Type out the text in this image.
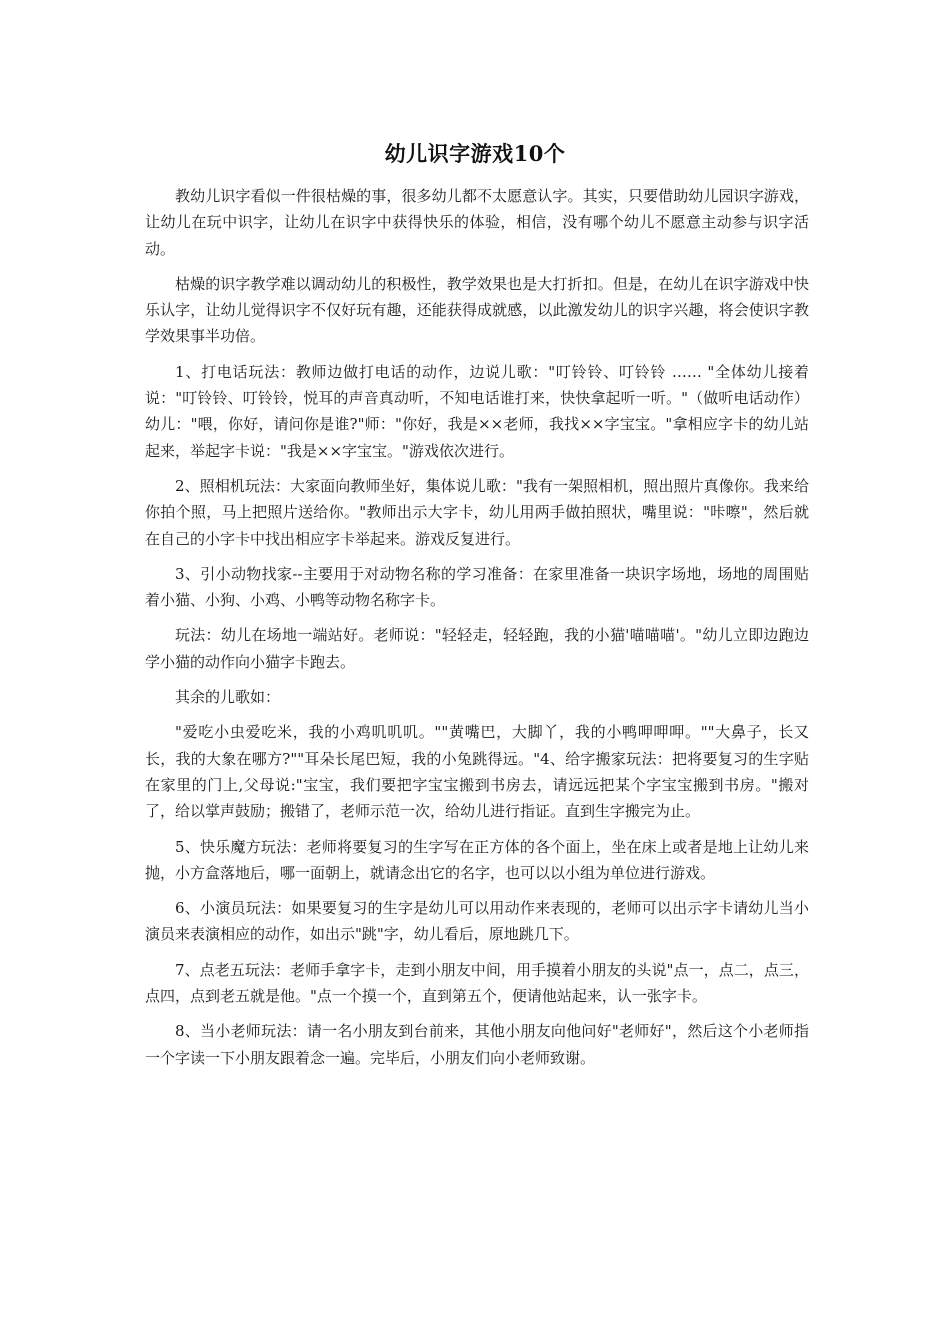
幼儿识字游戏10个

教幼儿识字看似一件很枯燥的事，很多幼儿都不太愿意认字。其实，只要借助幼儿园识字游戏，让幼儿在玩中识字，让幼儿在识字中获得快乐的体验，相信，没有哪个幼儿不愿意主动参与识字活动。

枯燥的识字教学难以调动幼儿的积极性，教学效果也是大打折扣。但是，在幼儿在识字游戏中快乐认字，让幼儿觉得识字不仅好玩有趣，还能获得成就感，以此激发幼儿的识字兴趣，将会使识字教学效果事半功倍。

1、打电话玩法：教师边做打电话的动作，边说儿歌："叮铃铃、叮铃铃 …… "全体幼儿接着说："叮铃铃、叮铃铃，悦耳的声音真动听，不知电话谁打来，快快拿起听一听。"（做听电话动作）幼儿："喂，你好，请问你是谁?"师："你好，我是××老师，我找××字宝宝。"拿相应字卡的幼儿站起来，举起字卡说："我是××字宝宝。"游戏依次进行。

2、照相机玩法：大家面向教师坐好，集体说儿歌："我有一架照相机，照出照片真像你。我来给你拍个照，马上把照片送给你。"教师出示大字卡，幼儿用两手做拍照状，嘴里说："咔嚓"，然后就在自己的小字卡中找出相应字卡举起来。游戏反复进行。

3、引小动物找家--主要用于对动物名称的学习准备：在家里准备一块识字场地，场地的周围贴着小猫、小狗、小鸡、小鸭等动物名称字卡。

玩法：幼儿在场地一端站好。老师说："轻轻走，轻轻跑，我的小猫'喵喵喵'。"幼儿立即边跑边学小猫的动作向小猫字卡跑去。

其余的儿歌如：

"爱吃小虫爱吃米，我的小鸡叽叽叽。""黄嘴巴，大脚丫，我的小鸭呷呷呷。""大鼻子，长又长，我的大象在哪方?""耳朵长尾巴短，我的小兔跳得远。"4、给字搬家玩法：把将要复习的生字贴在家里的门上,父母说:"宝宝，我们要把字宝宝搬到书房去，请远远把某个字宝宝搬到书房。"搬对了，给以掌声鼓励；搬错了，老师示范一次，给幼儿进行指证。直到生字搬完为止。

5、快乐魔方玩法：老师将要复习的生字写在正方体的各个面上，坐在床上或者是地上让幼儿来抛，小方盒落地后，哪一面朝上，就请念出它的名字，也可以以小组为单位进行游戏。

6、小演员玩法：如果要复习的生字是幼儿可以用动作来表现的，老师可以出示字卡请幼儿当小演员来表演相应的动作，如出示"跳"字，幼儿看后，原地跳几下。

7、点老五玩法：老师手拿字卡，走到小朋友中间，用手摸着小朋友的头说"点一，点二，点三，点四，点到老五就是他。"点一个摸一个，直到第五个，便请他站起来，认一张字卡。

8、当小老师玩法：请一名小朋友到台前来，其他小朋友向他问好"老师好"，然后这个小老师指一个字读一下小朋友跟着念一遍。完毕后，小朋友们向小老师致谢。
